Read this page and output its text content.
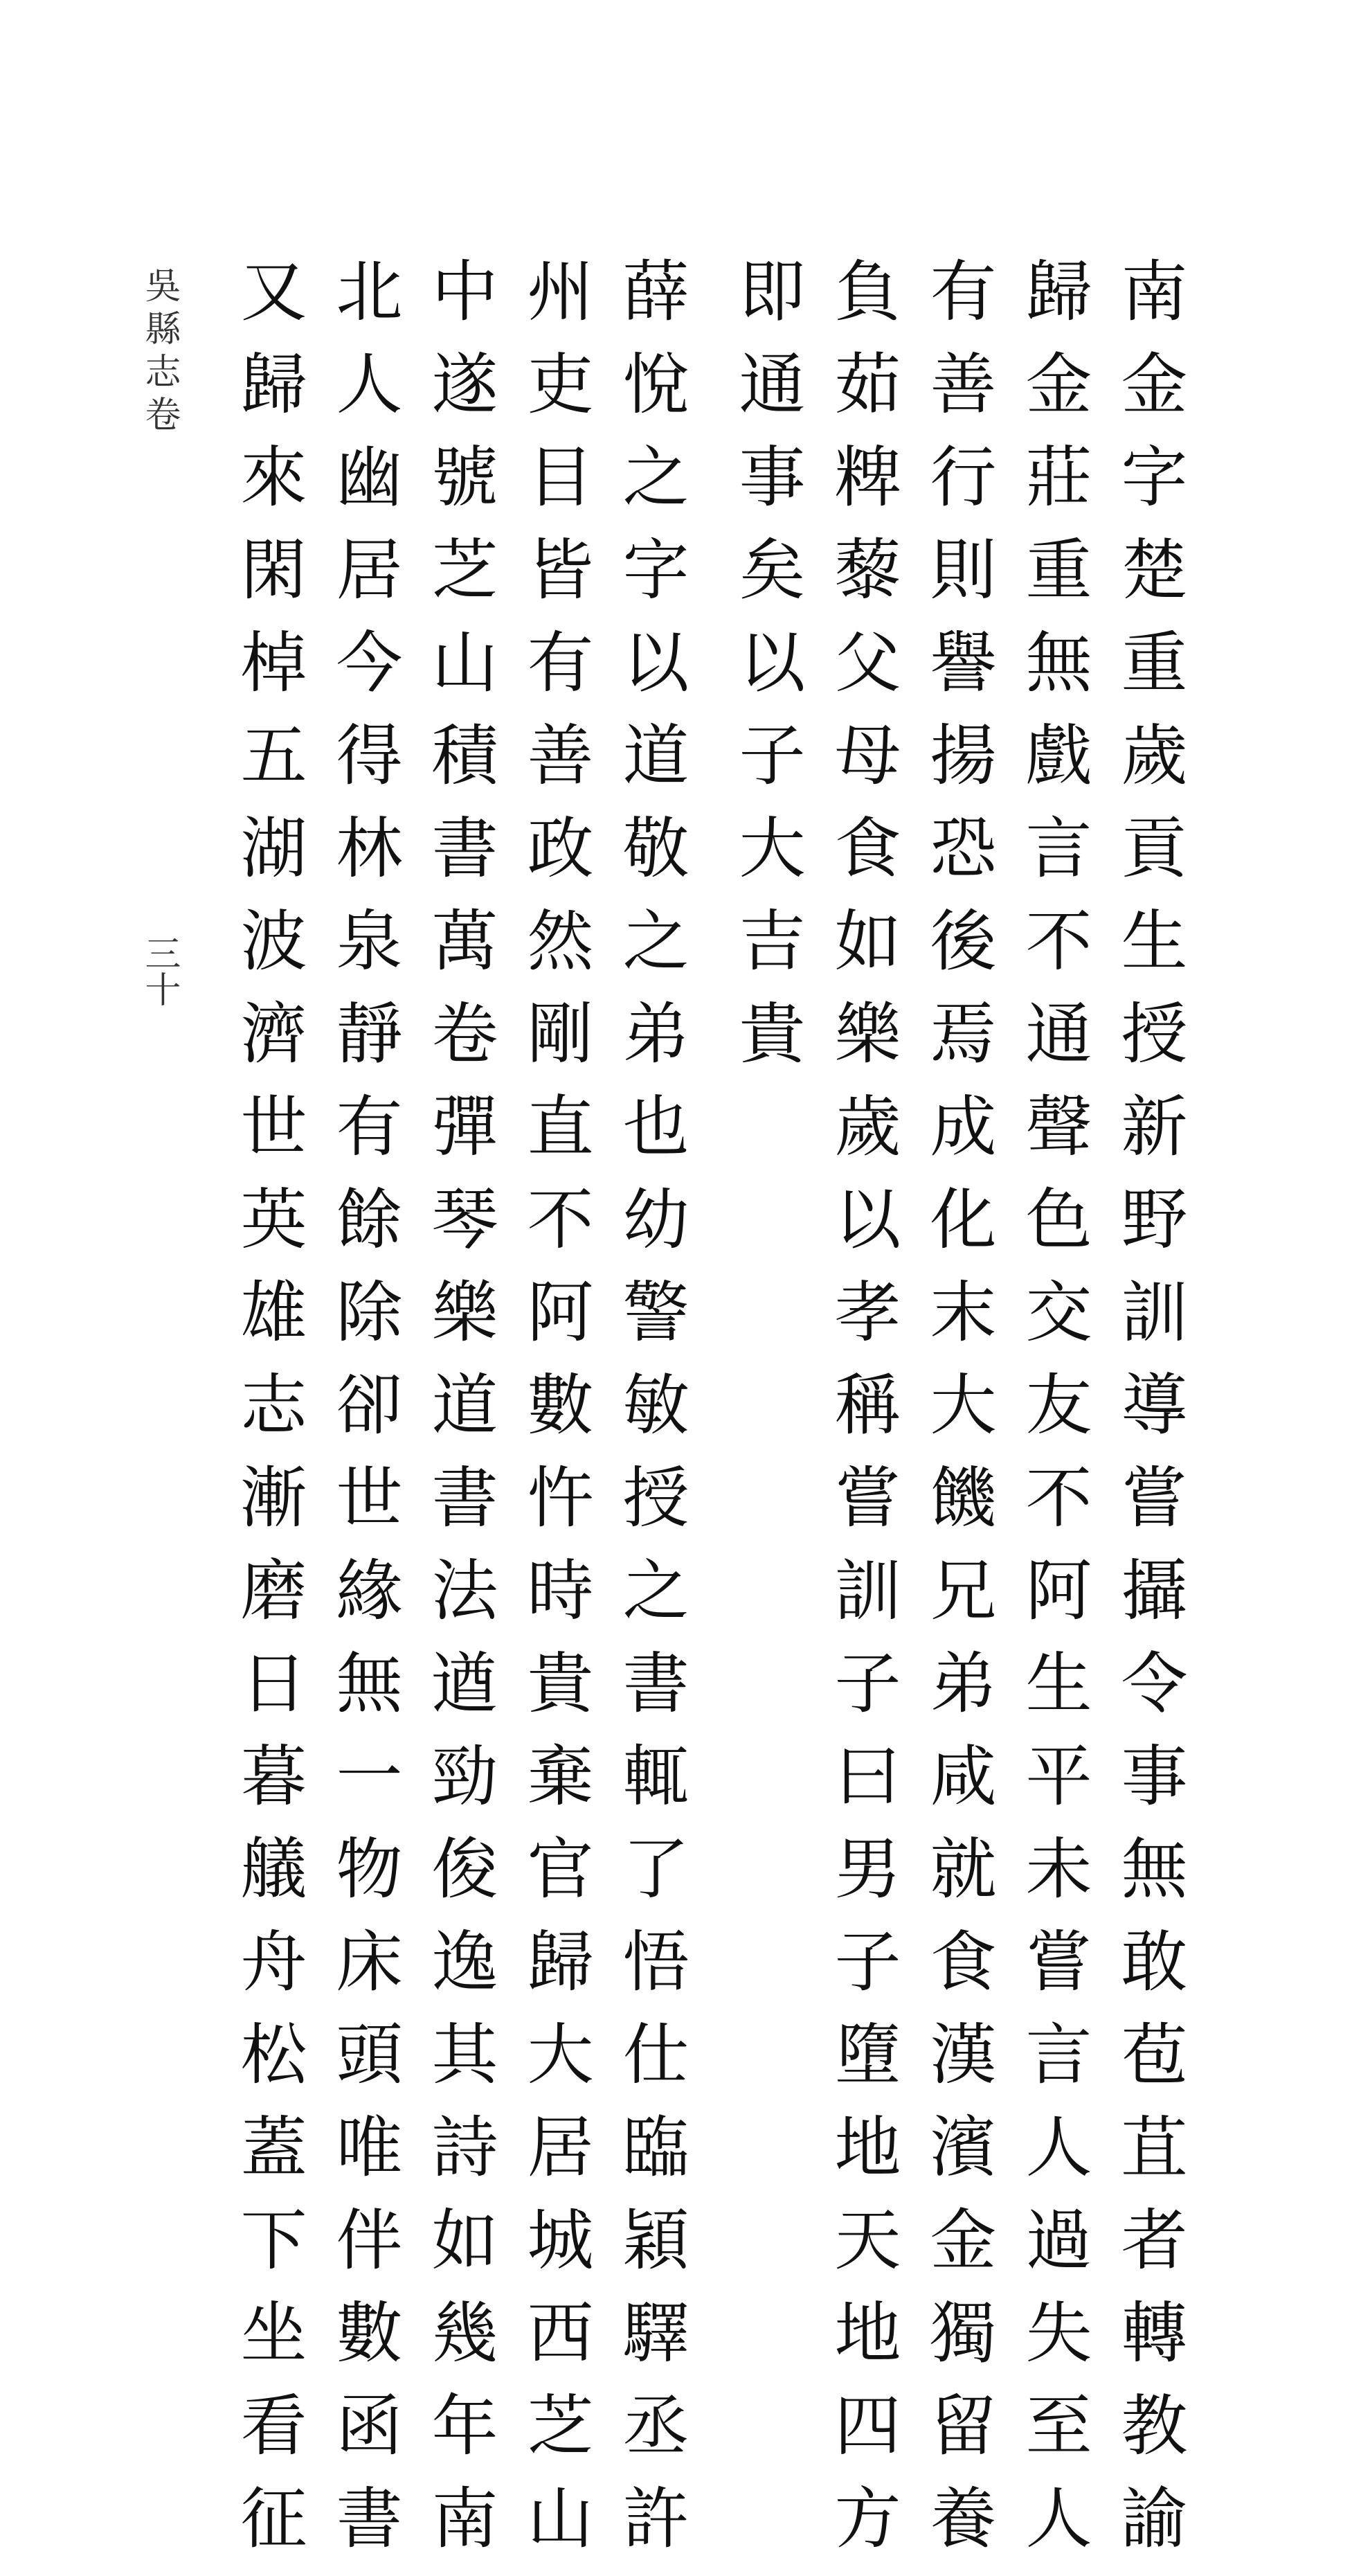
南金字楚重歲貢生授新野訓導嘗攝令事無敢苞苴者轉教諭
歸金莊重無戲言不通聲色交友不阿生平未嘗言人過失至人
有善行則譽揚恐後焉成化末大饑兄弟咸就食漢濱金獨留養
負茹粺藜父母食如樂歲以孝稱嘗訓子曰男子墮地天地四方
即通事矣以子大吉貴
薛悅之字以道敬之弟也幼警敏授之書輒了悟仕臨穎驛丞許
州吏目皆有善政然剛直不阿數忤時貴棄官歸大居城西芝山
中遂號芝山積書萬卷彈琴樂道書法遒勁俊逸其詩如幾年南
北人幽居今得林泉靜有餘除卻世緣無一物床頭唯伴數函書
又歸來閑棹五湖波濟世英雄志漸磨日暮艤舟松蓋下坐看征
吳縣志卷
三十
